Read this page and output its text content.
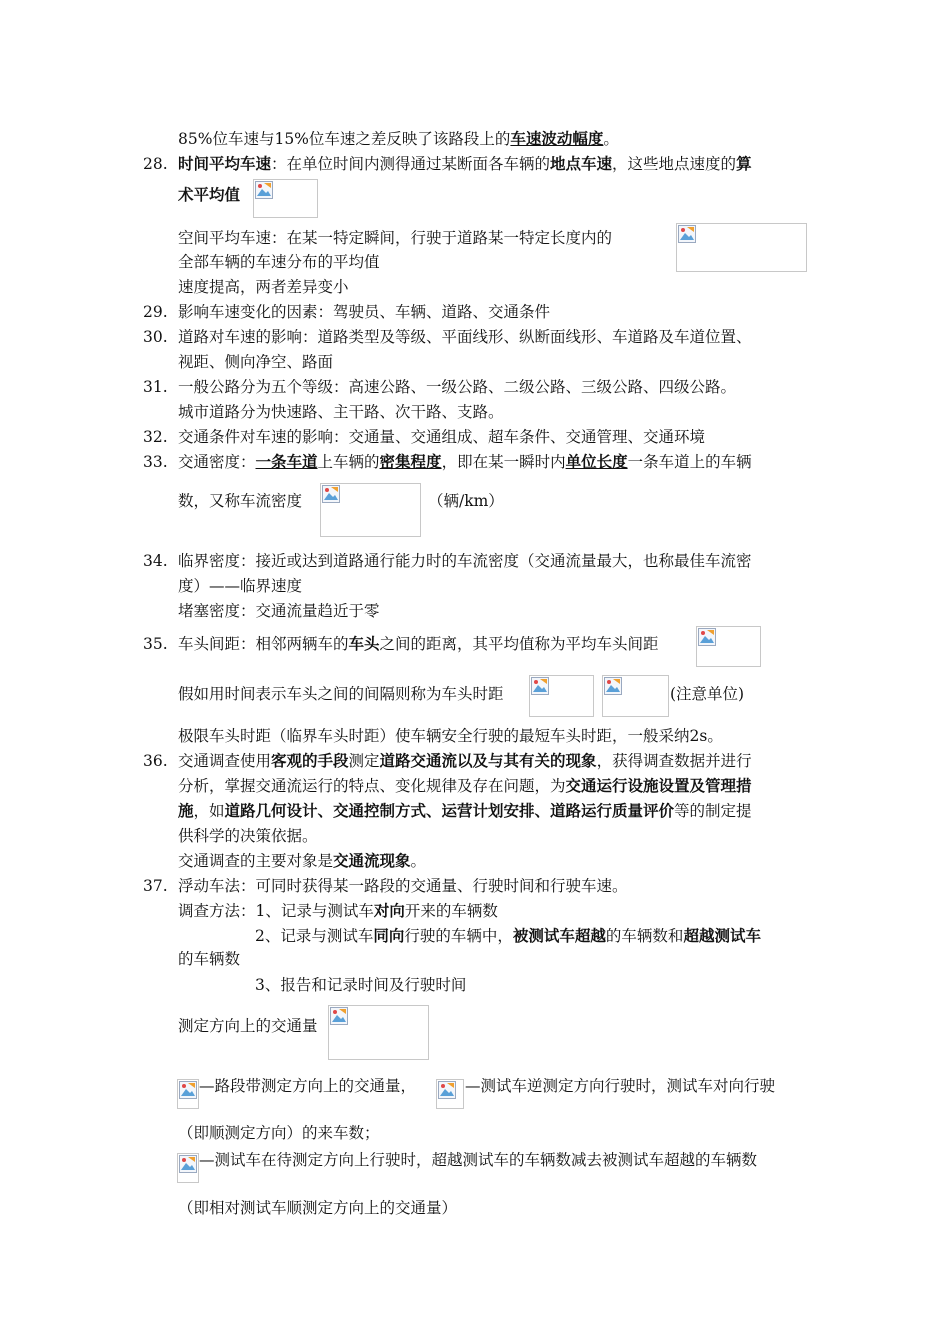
85%位车速与15%位车速之差反映了该路段上的车速波动幅度。
28. 时间平均车速：在单位时间内测得通过某断面各车辆的地点车速，这些地点速度的算
术平均值
空间平均车速：在某一特定瞬间，行驶于道路某一特定长度内的
全部车辆的车速分布的平均值
速度提高，两者差异变小
29. 影响车速变化的因素：驾驶员、车辆、道路、交通条件
30. 道路对车速的影响：道路类型及等级、平面线形、纵断面线形、车道路及车道位置、
视距、侧向净空、路面
31. 一般公路分为五个等级：高速公路、一级公路、二级公路、三级公路、四级公路。
城市道路分为快速路、主干路、次干路、支路。
32. 交通条件对车速的影响：交通量、交通组成、超车条件、交通管理、交通环境
33. 交通密度：一条车道上车辆的密集程度，即在某一瞬时内单位长度一条车道上的车辆
数，又称车流密度	（辆/km）
34. 临界密度：接近或达到道路通行能力时的车流密度（交通流量最大，也称最佳车流密
度）——临界速度
堵塞密度：交通流量趋近于零
35. 车头间距：相邻两辆车的车头之间的距离，其平均值称为平均车头间距
假如用时间表示车头之间的间隔则称为车头时距	(注意单位)
极限车头时距（临界车头时距）使车辆安全行驶的最短车头时距，一般采纳2s。
36. 交通调查使用客观的手段测定道路交通流以及与其有关的现象，获得调查数据并进行
分析，掌握交通流运行的特点、变化规律及存在问题，为交通运行设施设置及管理措
施，如道路几何设计、交通控制方式、运营计划安排、道路运行质量评价等的制定提
供科学的决策依据。
交通调查的主要对象是交通流现象。
37. 浮动车法：可同时获得某一路段的交通量、行驶时间和行驶车速。
调查方法：1、记录与测试车对向开来的车辆数
2、记录与测试车同向行驶的车辆中，被测试车超越的车辆数和超越测试车
的车辆数
3、报告和记录时间及行驶时间
测定方向上的交通量
—路段带测定方向上的交通量，	—测试车逆测定方向行驶时，测试车对向行驶
（即顺测定方向）的来车数；
—测试车在待测定方向上行驶时，超越测试车的车辆数减去被测试车超越的车辆数
（即相对测试车顺测定方向上的交通量）
